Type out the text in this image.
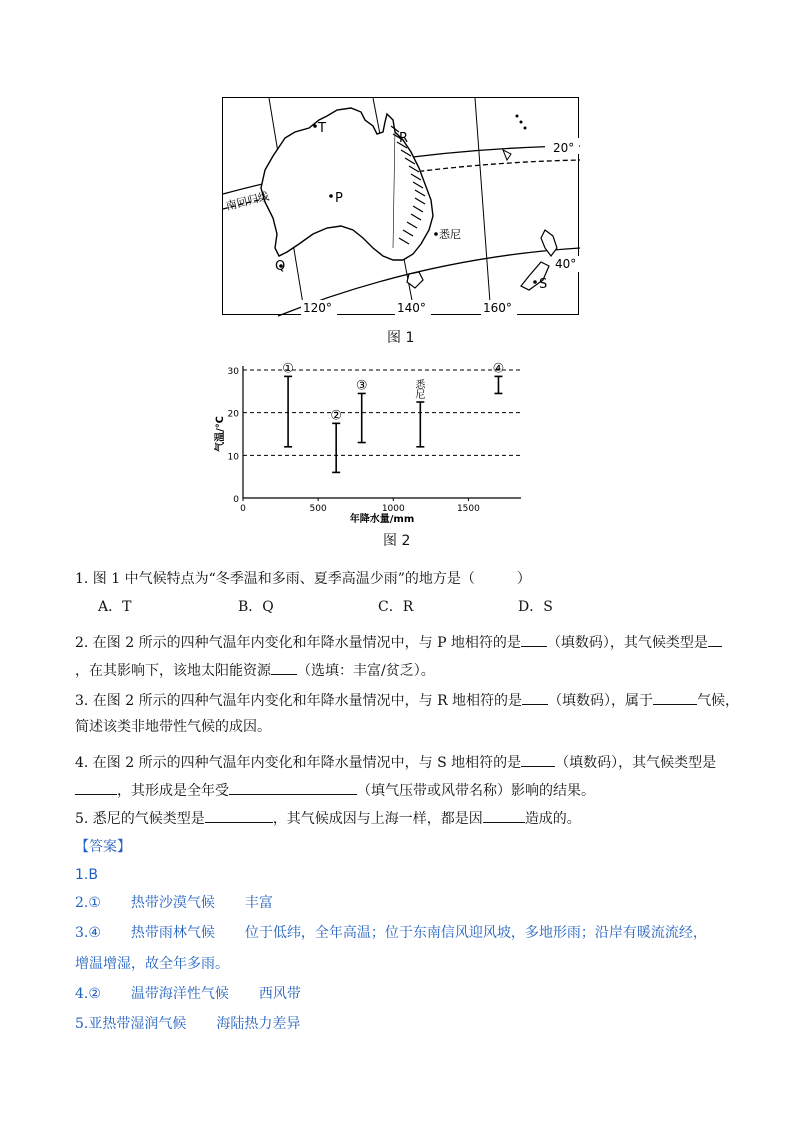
T
R
P
Q
S
悉尼
南回归线
20°
40°
120°	140°	160°
图 1
0
10
20
30
0	500	1000	1500
年降水量/mm
气温/℃
①
②
③	悉
尼
④
图 2
1. 图 1 中气候特点为“冬季温和多雨、夏季高温少雨”的地方是（　　　）
A．T	B．Q	C．R	D．S
2. 在图 2 所示的四种气温年内变化和年降水量情况中，与 P 地相符的是 （填数码），其气候类型是
，在其影响下，该地太阳能资源 （选填：丰富/贫乏）。
3. 在图 2 所示的四种气温年内变化和年降水量情况中，与 R 地相符的是 （填数码），属于	气候，
简述该类非地带性气候的成因。
4. 在图 2 所示的四种气温年内变化和年降水量情况中，与 S 地相符的是 （填数码），其气候类型是
，其形成是全年受	（填气压带或风带名称）影响的结果。
5. 悉尼的气候类型是	，其气候成因与上海一样，都是因	造成的。
【答案】
1.B
2.① 热带沙漠气候 丰富
3.④ 热带雨林气候 位于低纬，全年高温；位于东南信风迎风坡，多地形雨；沿岸有暖流流经，
增温增湿，故全年多雨。
4.② 温带海洋性气候 西风带
5.亚热带湿润气候 海陆热力差异
